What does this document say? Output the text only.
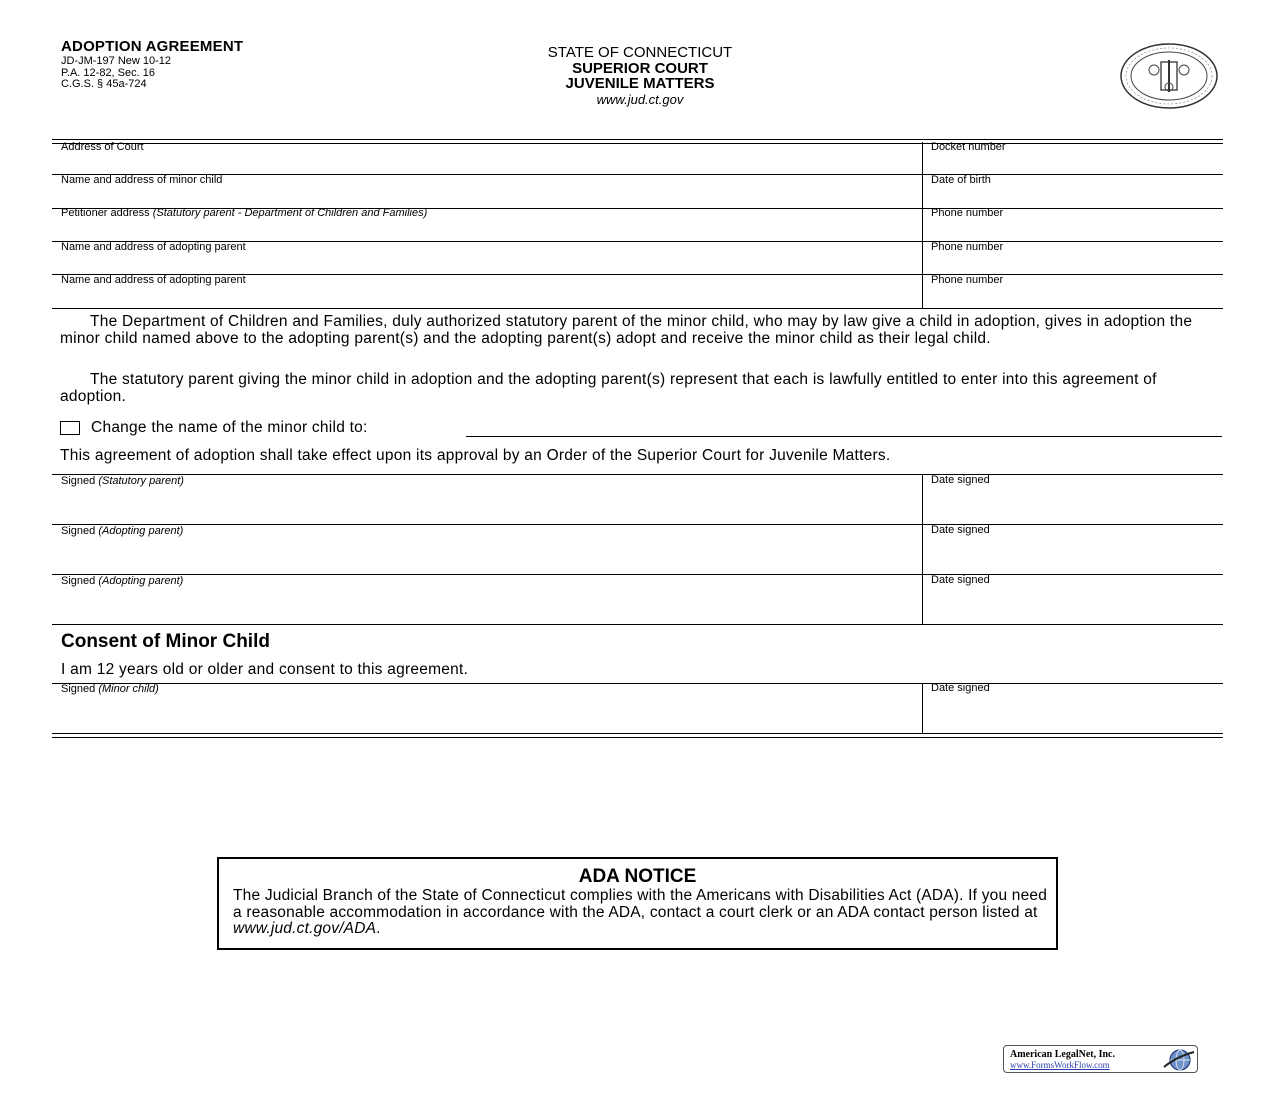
ADOPTION AGREEMENT
JD-JM-197 New 10-12
P.A. 12-82, Sec. 16
C.G.S. § 45a-724
STATE OF CONNECTICUT
SUPERIOR COURT
JUVENILE MATTERS
www.jud.ct.gov
Address of Court	Docket number
Name and address of minor child	Date of birth
Petitioner address (Statutory parent - Department of Children and Families)	Phone number
Name and address of adopting parent	Phone number
Name and address of adopting parent	Phone number
The Department of Children and Families, duly authorized statutory parent of the minor child, who may by law give a child in adoption, gives in adoption the minor child named above to the adopting parent(s) and the adopting parent(s) adopt and receive the minor child as their legal child.
The statutory parent giving the minor child in adoption and the adopting parent(s) represent that each is lawfully entitled to enter into this agreement of adoption.
Change the name of the minor child to:
This agreement of adoption shall take effect upon its approval by an Order of the Superior Court for Juvenile Matters.
Signed (Statutory parent)	Date signed
Signed (Adopting parent)	Date signed
Signed (Adopting parent)	Date signed
Consent of Minor Child
I am 12 years old or older and consent to this agreement.
Signed (Minor child)	Date signed
ADA NOTICE
The Judicial Branch of the State of Connecticut complies with the Americans with Disabilities Act (ADA). If you need a reasonable accommodation in accordance with the ADA, contact a court clerk or an ADA contact person listed at www.jud.ct.gov/ADA.
American LegalNet, Inc.
www.FormsWorkFlow.com
